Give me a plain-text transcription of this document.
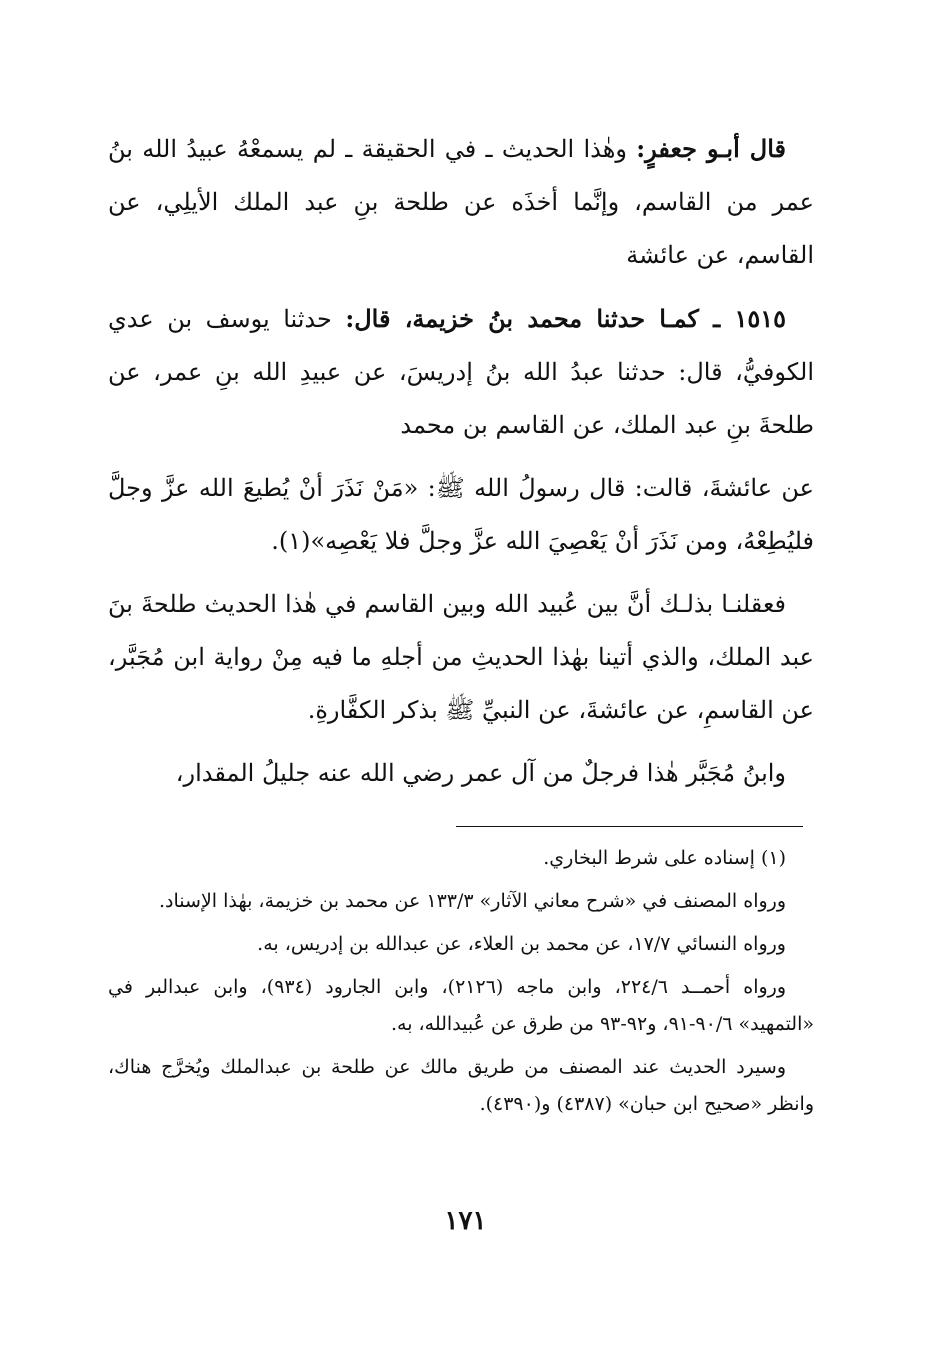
قال أبـو جعفرٍ: وهٰذا الحديث ـ في الحقيقة ـ لم يسمعْهُ عبيدُ الله بنُ عمر من القاسم، وإنَّما أخذَه عن طلحة بنِ عبد الملك الأيلِي، عن القاسم، عن عائشة

١٥١٥ ـ كمـا حدثنا محمد بنُ خزيمة، قال: حدثنا يوسف بن عدي الكوفيُّ، قال: حدثنا عبدُ الله بنُ إدريسَ، عن عبيدِ الله بنِ عمر، عن طلحةَ بنِ عبد الملك، عن القاسم بن محمد

عن عائشةَ، قالت: قال رسولُ الله ﷺ: «مَنْ نَذَرَ أنْ يُطيعَ الله عزَّ وجلَّ فليُطِعْهُ، ومن نَذَرَ أنْ يَعْصِيَ الله عزَّ وجلَّ فلا يَعْصِه»(١).

فعقلنـا بذلـك أنَّ بين عُبيد الله وبين القاسم في هٰذا الحديث طلحةَ بنَ عبد الملك، والذي أتينا بهٰذا الحديثِ من أجلهِ ما فيه مِنْ رواية ابن مُجَبَّر، عن القاسمِ، عن عائشةَ، عن النبيِّ ﷺ بذكر الكفَّارةِ.

وابنُ مُجَبَّر هٰذا فرجلٌ من آل عمر رضي الله عنه جليلُ المقدار،

(١) إسناده على شرط البخاري.

ورواه المصنف في «شرح معاني الآثار» ١٣٣/٣ عن محمد بن خزيمة، بهٰذا الإسناد.

ورواه النسائي ١٧/٧، عن محمد بن العلاء، عن عبدالله بن إدريس، به.

ورواه أحمــد ٢٢٤/٦، وابن ماجه (٢١٢٦)، وابن الجارود (٩٣٤)، وابن عبدالبر في «التمهيد» ٩٠/٦-٩١، و٩٢-٩٣ من طرق عن عُبيدالله، به.

وسيرد الحديث عند المصنف من طريق مالك عن طلحة بن عبدالملك ويُخرَّج هناك، وانظر «صحيح ابن حبان» (٤٣٨٧) و(٤٣٩٠).

١٧١
